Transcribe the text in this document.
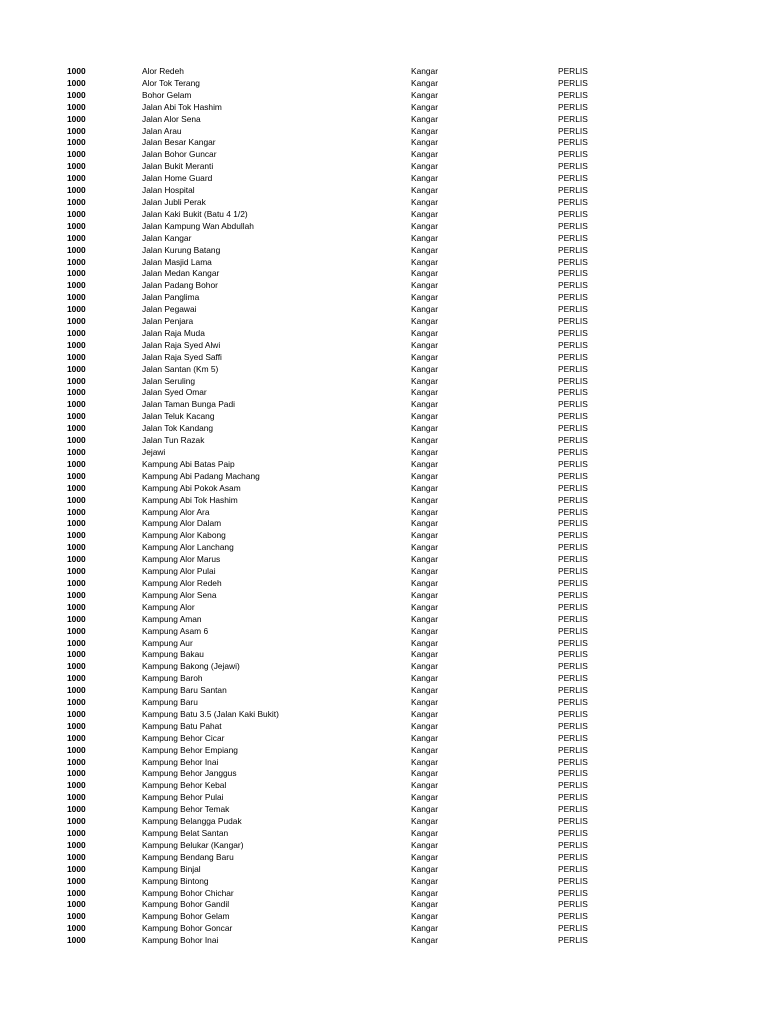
1000	Alor Redeh	Kangar	PERLIS
1000	Alor Tok Terang	Kangar	PERLIS
1000	Bohor Gelam	Kangar	PERLIS
1000	Jalan Abi Tok Hashim	Kangar	PERLIS
1000	Jalan Alor Sena	Kangar	PERLIS
1000	Jalan Arau	Kangar	PERLIS
1000	Jalan Besar Kangar	Kangar	PERLIS
1000	Jalan Bohor Guncar	Kangar	PERLIS
1000	Jalan Bukit Meranti	Kangar	PERLIS
1000	Jalan Home Guard	Kangar	PERLIS
1000	Jalan Hospital	Kangar	PERLIS
1000	Jalan Jubli Perak	Kangar	PERLIS
1000	Jalan Kaki Bukit (Batu 4 1/2)	Kangar	PERLIS
1000	Jalan Kampung Wan Abdullah	Kangar	PERLIS
1000	Jalan Kangar	Kangar	PERLIS
1000	Jalan Kurung Batang	Kangar	PERLIS
1000	Jalan Masjid Lama	Kangar	PERLIS
1000	Jalan Medan Kangar	Kangar	PERLIS
1000	Jalan Padang Bohor	Kangar	PERLIS
1000	Jalan Panglima	Kangar	PERLIS
1000	Jalan Pegawai	Kangar	PERLIS
1000	Jalan Penjara	Kangar	PERLIS
1000	Jalan Raja Muda	Kangar	PERLIS
1000	Jalan Raja Syed Alwi	Kangar	PERLIS
1000	Jalan Raja Syed Saffi	Kangar	PERLIS
1000	Jalan Santan (Km 5)	Kangar	PERLIS
1000	Jalan Seruling	Kangar	PERLIS
1000	Jalan Syed Omar	Kangar	PERLIS
1000	Jalan Taman Bunga Padi	Kangar	PERLIS
1000	Jalan Teluk Kacang	Kangar	PERLIS
1000	Jalan Tok Kandang	Kangar	PERLIS
1000	Jalan Tun Razak	Kangar	PERLIS
1000	Jejawi	Kangar	PERLIS
1000	Kampung Abi Batas Paip	Kangar	PERLIS
1000	Kampung Abi Padang Machang	Kangar	PERLIS
1000	Kampung Abi Pokok Asam	Kangar	PERLIS
1000	Kampung Abi Tok Hashim	Kangar	PERLIS
1000	Kampung Alor Ara	Kangar	PERLIS
1000	Kampung Alor Dalam	Kangar	PERLIS
1000	Kampung Alor Kabong	Kangar	PERLIS
1000	Kampung Alor Lanchang	Kangar	PERLIS
1000	Kampung Alor Marus	Kangar	PERLIS
1000	Kampung Alor Pulai	Kangar	PERLIS
1000	Kampung Alor Redeh	Kangar	PERLIS
1000	Kampung Alor Sena	Kangar	PERLIS
1000	Kampung Alor	Kangar	PERLIS
1000	Kampung Aman	Kangar	PERLIS
1000	Kampung Asam 6	Kangar	PERLIS
1000	Kampung Aur	Kangar	PERLIS
1000	Kampung Bakau	Kangar	PERLIS
1000	Kampung Bakong (Jejawi)	Kangar	PERLIS
1000	Kampung Baroh	Kangar	PERLIS
1000	Kampung Baru Santan	Kangar	PERLIS
1000	Kampung Baru	Kangar	PERLIS
1000	Kampung Batu 3.5 (Jalan Kaki Bukit)	Kangar	PERLIS
1000	Kampung Batu Pahat	Kangar	PERLIS
1000	Kampung Behor Cicar	Kangar	PERLIS
1000	Kampung Behor Empiang	Kangar	PERLIS
1000	Kampung Behor Inai	Kangar	PERLIS
1000	Kampung Behor Janggus	Kangar	PERLIS
1000	Kampung Behor Kebal	Kangar	PERLIS
1000	Kampung Behor Pulai	Kangar	PERLIS
1000	Kampung Behor Temak	Kangar	PERLIS
1000	Kampung Belangga Pudak	Kangar	PERLIS
1000	Kampung Belat Santan	Kangar	PERLIS
1000	Kampung Belukar (Kangar)	Kangar	PERLIS
1000	Kampung Bendang Baru	Kangar	PERLIS
1000	Kampung Binjal	Kangar	PERLIS
1000	Kampung Bintong	Kangar	PERLIS
1000	Kampung Bohor Chichar	Kangar	PERLIS
1000	Kampung Bohor Gandil	Kangar	PERLIS
1000	Kampung Bohor Gelam	Kangar	PERLIS
1000	Kampung Bohor Goncar	Kangar	PERLIS
1000	Kampung Bohor Inai	Kangar	PERLIS
